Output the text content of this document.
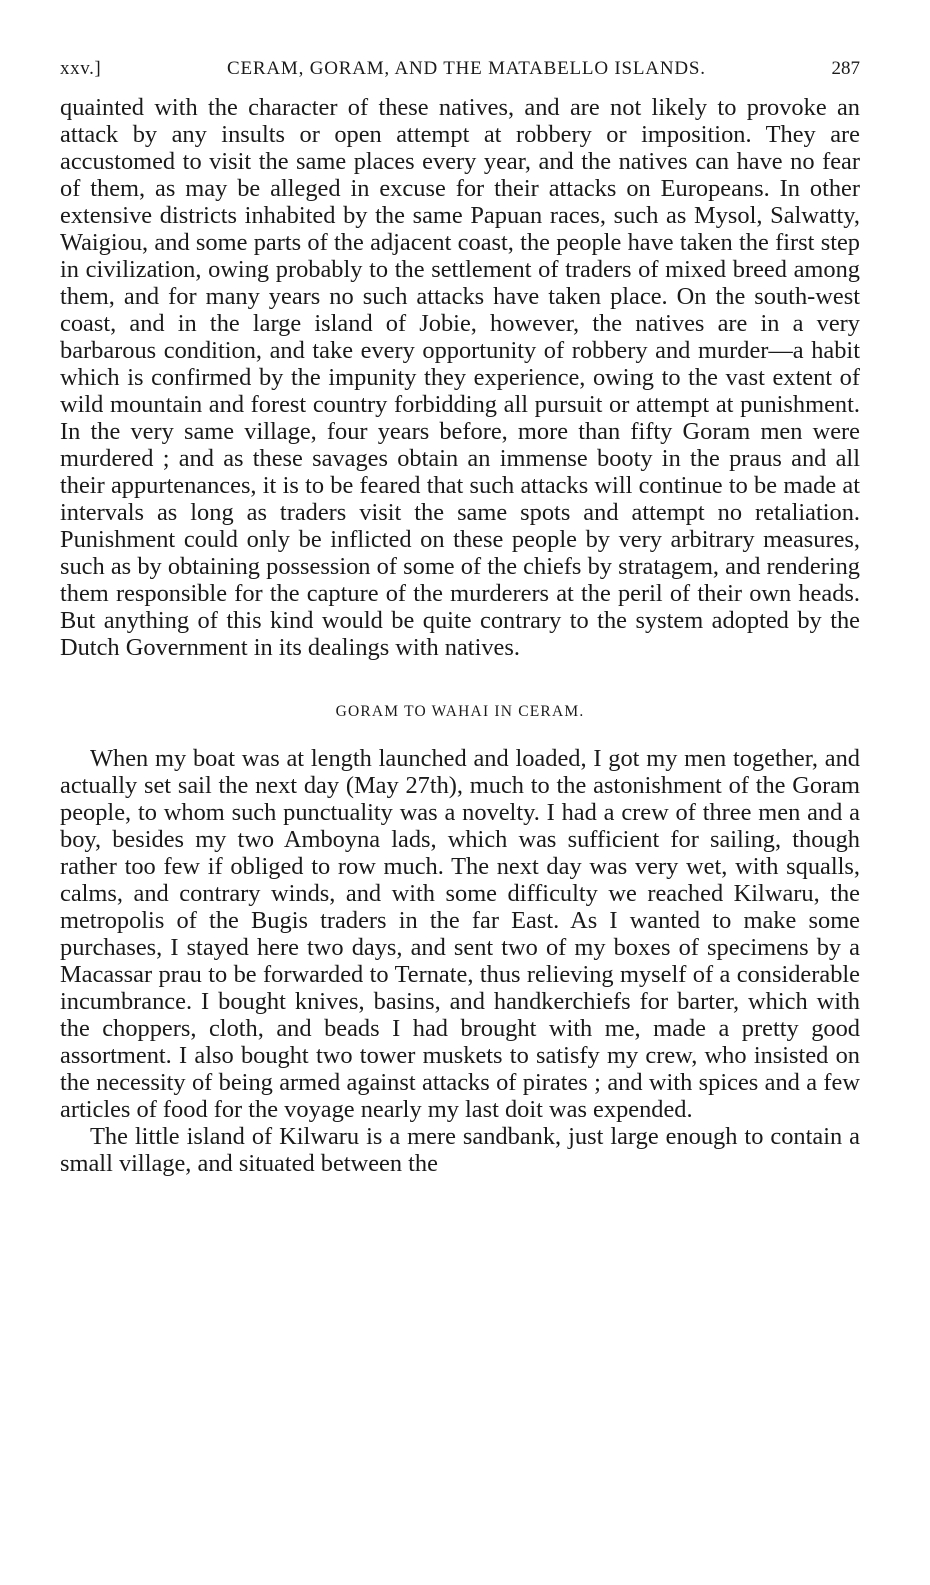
xxv.]	CERAM, GORAM, AND THE MATABELLO ISLANDS.	287

quainted with the character of these natives, and are not likely to provoke an attack by any insults or open attempt at robbery or imposition. They are accustomed to visit the same places every year, and the natives can have no fear of them, as may be alleged in excuse for their attacks on Europeans. In other extensive districts inhabited by the same Papuan races, such as Mysol, Salwatty, Waigiou, and some parts of the adjacent coast, the people have taken the first step in civilization, owing probably to the settlement of traders of mixed breed among them, and for many years no such attacks have taken place. On the south-west coast, and in the large island of Jobie, however, the natives are in a very barbarous condition, and take every opportunity of robbery and murder—a habit which is confirmed by the impunity they experience, owing to the vast extent of wild mountain and forest country forbidding all pursuit or attempt at punishment. In the very same village, four years before, more than fifty Goram men were murdered ; and as these savages obtain an immense booty in the praus and all their appurtenances, it is to be feared that such attacks will continue to be made at intervals as long as traders visit the same spots and attempt no retaliation. Punishment could only be inflicted on these people by very arbitrary measures, such as by obtaining possession of some of the chiefs by stratagem, and rendering them responsible for the capture of the murderers at the peril of their own heads. But anything of this kind would be quite contrary to the system adopted by the Dutch Government in its dealings with natives.

GORAM TO WAHAI IN CERAM.

When my boat was at length launched and loaded, I got my men together, and actually set sail the next day (May 27th), much to the astonishment of the Goram people, to whom such punctuality was a novelty. I had a crew of three men and a boy, besides my two Amboyna lads, which was sufficient for sailing, though rather too few if obliged to row much. The next day was very wet, with squalls, calms, and contrary winds, and with some difficulty we reached Kilwaru, the metropolis of the Bugis traders in the far East. As I wanted to make some purchases, I stayed here two days, and sent two of my boxes of specimens by a Macassar prau to be forwarded to Ternate, thus relieving myself of a considerable incumbrance. I bought knives, basins, and handkerchiefs for barter, which with the choppers, cloth, and beads I had brought with me, made a pretty good assortment. I also bought two tower muskets to satisfy my crew, who insisted on the necessity of being armed against attacks of pirates ; and with spices and a few articles of food for the voyage nearly my last doit was expended.

The little island of Kilwaru is a mere sandbank, just large enough to contain a small village, and situated between the
